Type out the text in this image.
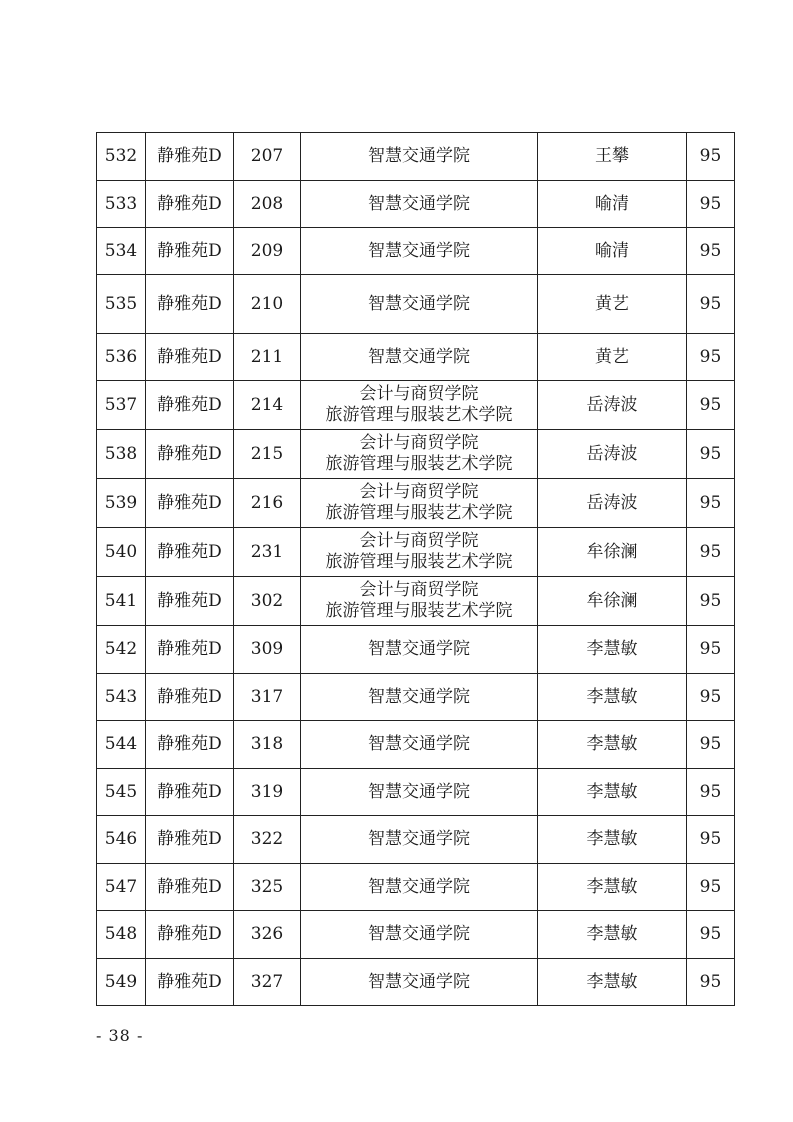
532	静雅苑D	207	智慧交通学院	王攀	95
533	静雅苑D	208	智慧交通学院	喻清	95
534	静雅苑D	209	智慧交通学院	喻清	95
535	静雅苑D	210	智慧交通学院	黄艺	95
536	静雅苑D	211	智慧交通学院	黄艺	95
537	静雅苑D	214	会计与商贸学院
旅游管理与服装艺术学院	岳涛波	95
538	静雅苑D	215	会计与商贸学院
旅游管理与服装艺术学院	岳涛波	95
539	静雅苑D	216	会计与商贸学院
旅游管理与服装艺术学院	岳涛波	95
540	静雅苑D	231	会计与商贸学院
旅游管理与服装艺术学院	牟徐澜	95
541	静雅苑D	302	会计与商贸学院
旅游管理与服装艺术学院	牟徐澜	95
542	静雅苑D	309	智慧交通学院	李慧敏	95
543	静雅苑D	317	智慧交通学院	李慧敏	95
544	静雅苑D	318	智慧交通学院	李慧敏	95
545	静雅苑D	319	智慧交通学院	李慧敏	95
546	静雅苑D	322	智慧交通学院	李慧敏	95
547	静雅苑D	325	智慧交通学院	李慧敏	95
548	静雅苑D	326	智慧交通学院	李慧敏	95
549	静雅苑D	327	智慧交通学院	李慧敏	95
- 38 -
